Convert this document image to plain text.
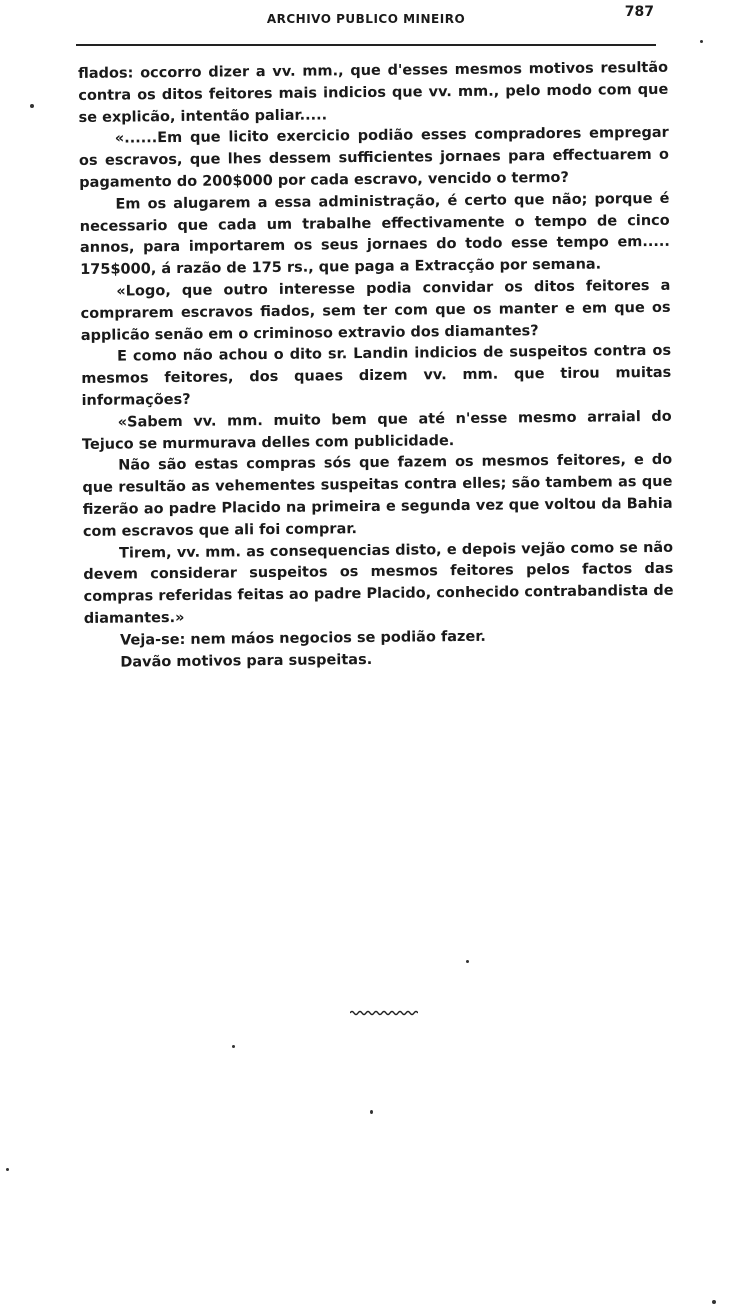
ARCHIVO PUBLICO MINEIRO	787

flados: occorro dizer a vv. mm., que d'esses mesmos motivos resultão contra os ditos feitores mais indicios que vv. mm., pelo modo com que se explicão, intentão paliar.....

«......Em que licito exercicio podião esses compradores empregar os escravos, que lhes dessem sufficientes jornaes para effectuarem o pagamento do 200$000 por cada escravo, vencido o termo?

Em os alugarem a essa administração, é certo que não; porque é necessario que cada um trabalhe effectivamente o tempo de cinco annos, para importarem os seus jornaes do todo esse tempo em..... 175$000, á razão de 175 rs., que paga a Extracção por semana.

«Logo, que outro interesse podia convidar os ditos feitores a comprarem escravos fiados, sem ter com que os manter e em que os applicão senão em o criminoso extravio dos diamantes?

E como não achou o dito sr. Landin indicios de suspeitos contra os mesmos feitores, dos quaes dizem vv. mm. que tirou muitas informações?

«Sabem vv. mm. muito bem que até n'esse mesmo arraial do Tejuco se murmurava delles com publicidade.

Não são estas compras sós que fazem os mesmos feitores, e do que resultão as vehementes suspeitas contra elles; são tambem as que fizerão ao padre Placido na primeira e segunda vez que voltou da Bahia com escravos que ali foi comprar.

Tirem, vv. mm. as consequencias disto, e depois vejão como se não devem considerar suspeitos os mesmos feitores pelos factos das compras referidas feitas ao padre Placido, conhecido contrabandista de diamantes.»

Veja-se: nem máos negocios se podião fazer.

Davão motivos para suspeitas.
